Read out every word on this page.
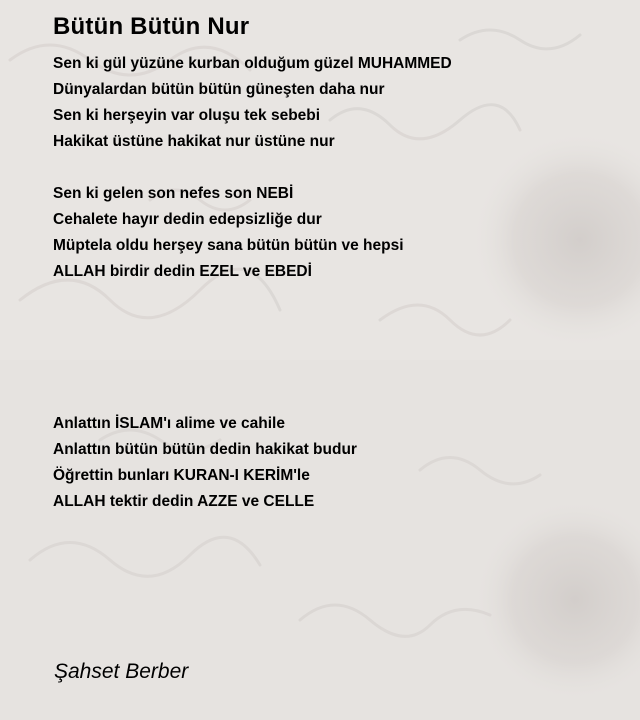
Bütün Bütün Nur
Sen ki gül yüzüne kurban olduğum güzel MUHAMMED
Dünyalardan bütün bütün güneşten daha nur
Sen ki herşeyin var oluşu tek sebebi
Hakikat üstüne hakikat nur üstüne nur
Sen ki gelen son nefes son NEBİ
Cehalete hayır dedin edepsizliğe dur
Müptela oldu herşey sana bütün bütün ve hepsi
ALLAH birdir dedin EZEL ve EBEDİ
Anlattın İSLAM'ı alime ve cahile
Anlattın bütün bütün dedin hakikat budur
Öğrettin bunları KURAN-I KERİM'le
ALLAH tektir dedin AZZE ve CELLE

Şahset Berber
